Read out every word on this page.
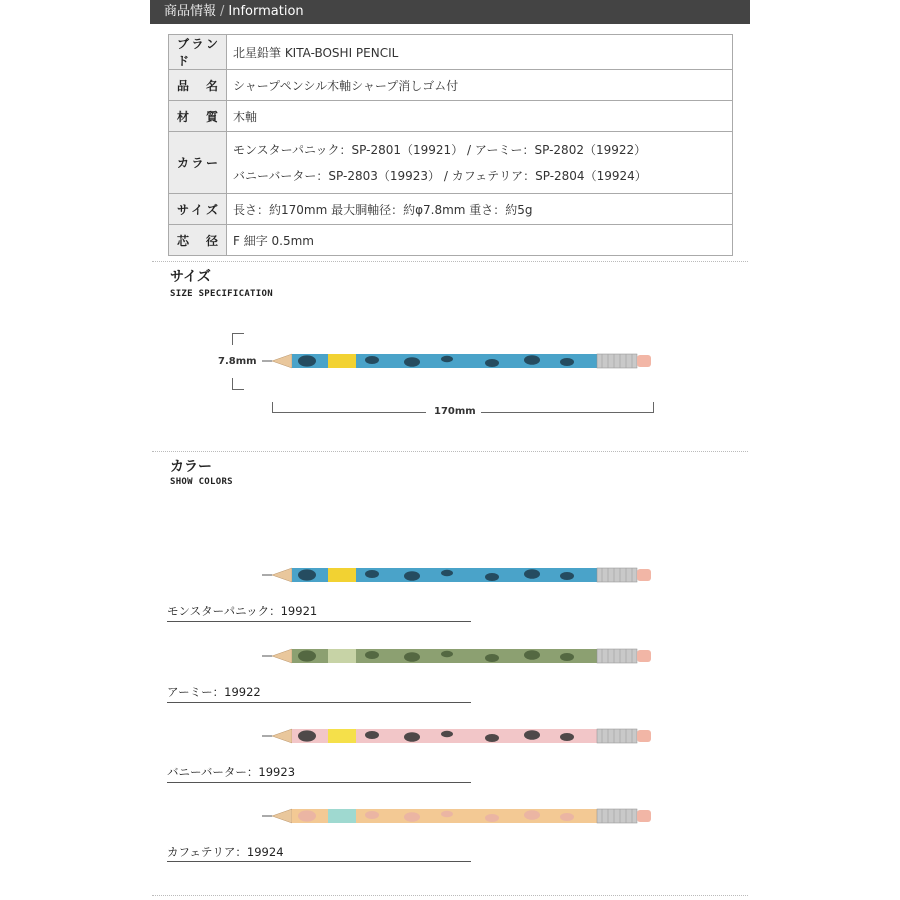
商品情報 / Information
ブランド	北星鉛筆 KITA-BOSHI PENCIL
品名	シャープペンシル木軸シャープ消しゴム付
材質	木軸
カラー	モンスターパニック：SP-2801（19921） / アーミー：SP-2802（19922）
バニーバーター：SP-2803（19923） / カフェテリア：SP-2804（19924）

サイズ	長さ：約170mm 最大胴軸径：約φ7.8mm 重さ：約5g
芯径	F 細字 0.5mm
サイズ
SIZE SPECIFICATION
7.8mm
170mm
カラー
SHOW COLORS
モンスターパニック：19921
アーミー：19922
バニーバーター：19923
カフェテリア：19924
